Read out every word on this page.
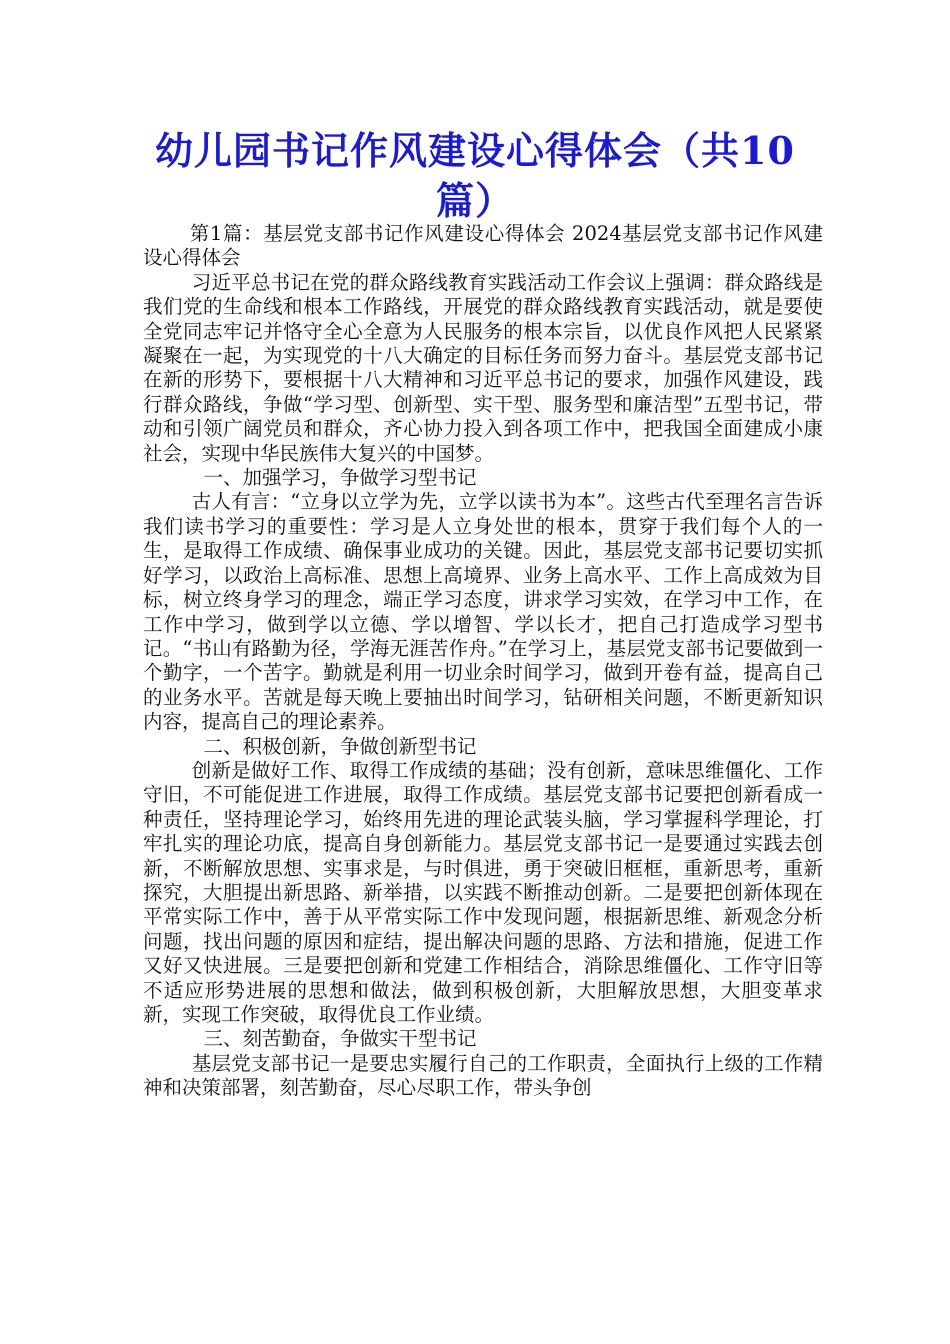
幼儿园书记作风建设心得体会（共10篇）

第1篇：基层党支部书记作风建设心得体会 2024基层党支部书记作风建设心得体会

习近平总书记在党的群众路线教育实践活动工作会议上强调：群众路线是我们党的生命线和根本工作路线，开展党的群众路线教育实践活动，就是要使全党同志牢记并恪守全心全意为人民服务的根本宗旨，以优良作风把人民紧紧凝聚在一起，为实现党的十八大确定的目标任务而努力奋斗。基层党支部书记在新的形势下，要根据十八大精神和习近平总书记的要求，加强作风建设，践行群众路线，争做“学习型、创新型、实干型、服务型和廉洁型”五型书记，带动和引领广阔党员和群众，齐心协力投入到各项工作中，把我国全面建成小康社会，实现中华民族伟大复兴的中国梦。

一、加强学习，争做学习型书记

古人有言：“立身以立学为先，立学以读书为本”。这些古代至理名言告诉我们读书学习的重要性：学习是人立身处世的根本，贯穿于我们每个人的一生，是取得工作成绩、确保事业成功的关键。因此，基层党支部书记要切实抓好学习，以政治上高标准、思想上高境界、业务上高水平、工作上高成效为目标，树立终身学习的理念，端正学习态度，讲求学习实效，在学习中工作，在工作中学习，做到学以立德、学以增智、学以长才，把自己打造成学习型书记。“书山有路勤为径，学海无涯苦作舟。”在学习上，基层党支部书记要做到一个勤字，一个苦字。勤就是利用一切业余时间学习，做到开卷有益，提高自己的业务水平。苦就是每天晚上要抽出时间学习，钻研相关问题，不断更新知识内容，提高自己的理论素养。

二、积极创新，争做创新型书记

创新是做好工作、取得工作成绩的基础；没有创新，意味思维僵化、工作守旧，不可能促进工作进展，取得工作成绩。基层党支部书记要把创新看成一种责任，坚持理论学习，始终用先进的理论武装头脑，学习掌握科学理论，打牢扎实的理论功底，提高自身创新能力。基层党支部书记一是要通过实践去创新，不断解放思想、实事求是，与时俱进，勇于突破旧框框，重新思考，重新探究，大胆提出新思路、新举措，以实践不断推动创新。二是要把创新体现在平常实际工作中，善于从平常实际工作中发现问题，根据新思维、新观念分析问题，找出问题的原因和症结，提出解决问题的思路、方法和措施，促进工作又好又快进展。三是要把创新和党建工作相结合，消除思维僵化、工作守旧等不适应形势进展的思想和做法，做到积极创新，大胆解放思想，大胆变革求新，实现工作突破，取得优良工作业绩。

三、刻苦勤奋，争做实干型书记

基层党支部书记一是要忠实履行自己的工作职责，全面执行上级的工作精神和决策部署，刻苦勤奋，尽心尽职工作，带头争创
